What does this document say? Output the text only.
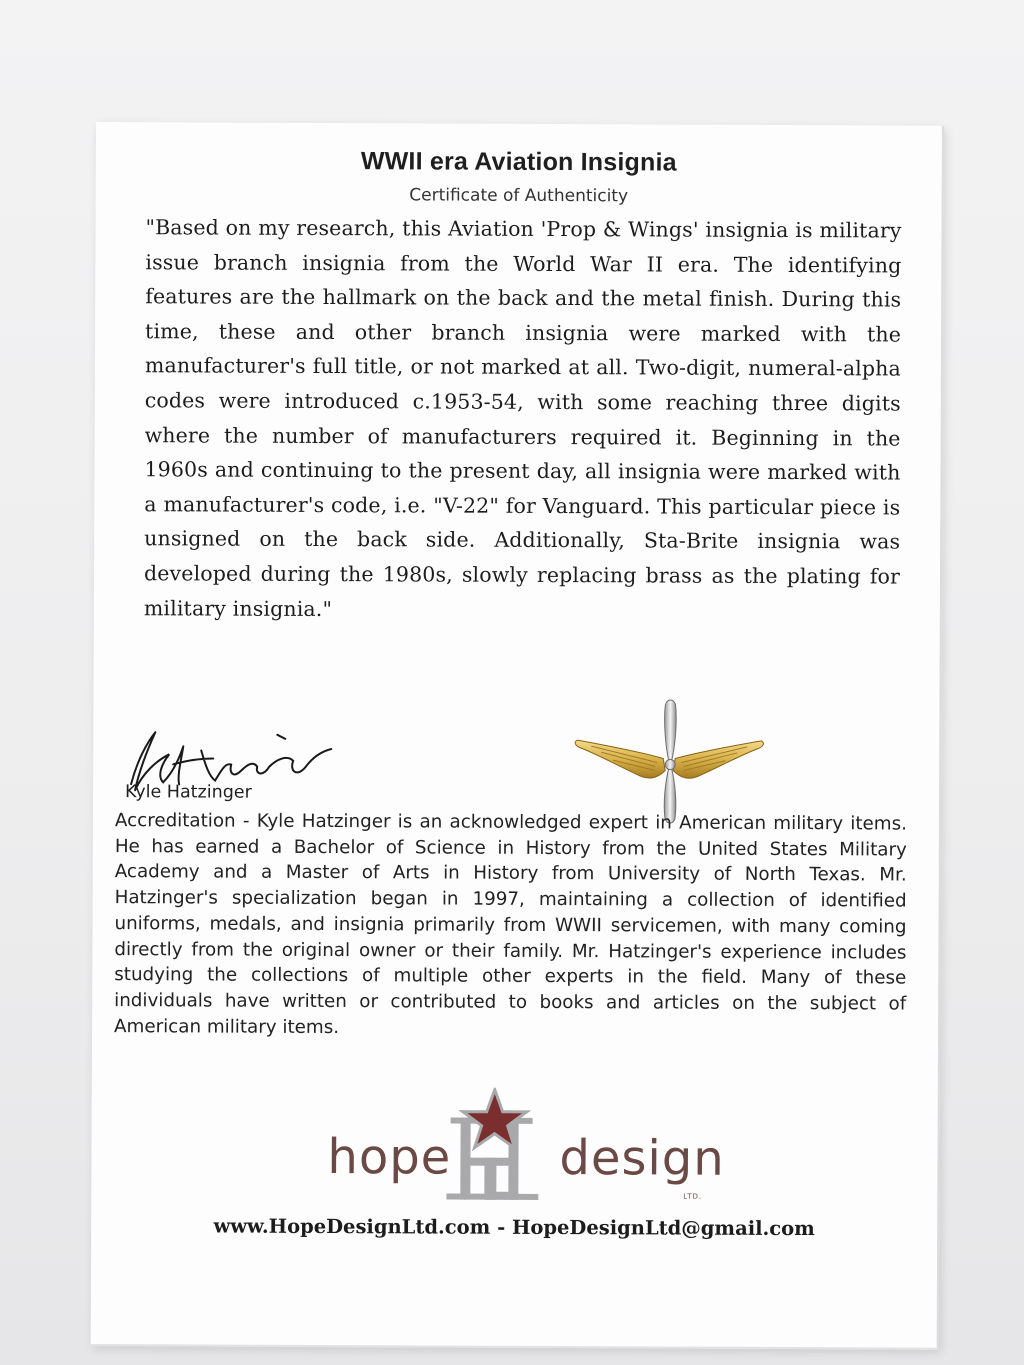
WWII era Aviation Insignia
Certificate of Authenticity

"Based on my research, this Aviation 'Prop & Wings' insignia is military issue branch insignia from the World War II era. The identifying features are the hallmark on the back and the metal finish. During this time, these and other branch insignia were marked with the manufacturer's full title, or not marked at all. Two-digit, numeral-alpha codes were introduced c.1953-54, with some reaching three digits where the number of manufacturers required it. Beginning in the 1960s and continuing to the present day, all insignia were marked with a manufacturer's code, i.e. "V-22" for Vanguard. This particular piece is unsigned on the back side. Additionally, Sta-Brite insignia was developed during the 1980s, slowly replacing brass as the plating for military insignia."

Kyle Hatzinger

Accreditation - Kyle Hatzinger is an acknowledged expert in American military items. He has earned a Bachelor of Science in History from the United States Military Academy and a Master of Arts in History from University of North Texas. Mr. Hatzinger's specialization began in 1997, maintaining a collection of identified uniforms, medals, and insignia primarily from WWII servicemen, with many coming directly from the original owner or their family. Mr. Hatzinger's experience includes studying the collections of multiple other experts in the field. Many of these individuals have written or contributed to books and articles on the subject of American military items.

hope design
LTD.
www.HopeDesignLtd.com - HopeDesignLtd@gmail.com
